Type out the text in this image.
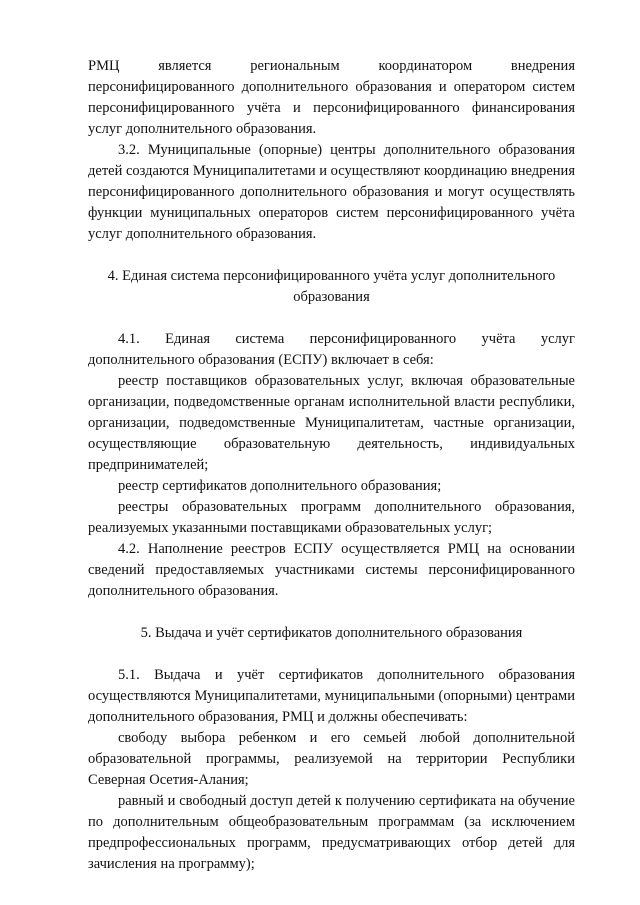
РМЦ является региональным координатором внедрения персонифицированного дополнительного образования и оператором систем персонифицированного учёта и персонифицированного финансирования услуг дополнительного образования.

3.2. Муниципальные (опорные) центры дополнительного образования детей создаются Муниципалитетами и осуществляют координацию внедрения персонифицированного дополнительного образования и могут осуществлять функции муниципальных операторов систем персонифицированного учёта услуг дополнительного образования.

4. Единая система персонифицированного учёта услуг дополнительного
образования

4.1. Единая система персонифицированного учёта услуг дополнительного образования (ЕСПУ) включает в себя:

реестр поставщиков образовательных услуг, включая образовательные организации, подведомственные органам исполнительной власти республики, организации, подведомственные Муниципалитетам, частные организации, осуществляющие образовательную деятельность, индивидуальных предпринимателей;

реестр сертификатов дополнительного образования;

реестры образовательных программ дополнительного образования, реализуемых указанными поставщиками образовательных услуг;

4.2. Наполнение реестров ЕСПУ осуществляется РМЦ на основании сведений предоставляемых участниками системы персонифицированного дополнительного образования.

5. Выдача и учёт сертификатов дополнительного образования

5.1. Выдача и учёт сертификатов дополнительного образования осуществляются Муниципалитетами, муниципальными (опорными) центрами дополнительного образования, РМЦ и должны обеспечивать:

свободу выбора ребенком и его семьей любой дополнительной образовательной программы, реализуемой на территории Республики Северная Осетия-Алания;

равный и свободный доступ детей к получению сертификата на обучение по дополнительным общеобразовательным программам (за исключением предпрофессиональных программ, предусматривающих отбор детей для зачисления на программу);
